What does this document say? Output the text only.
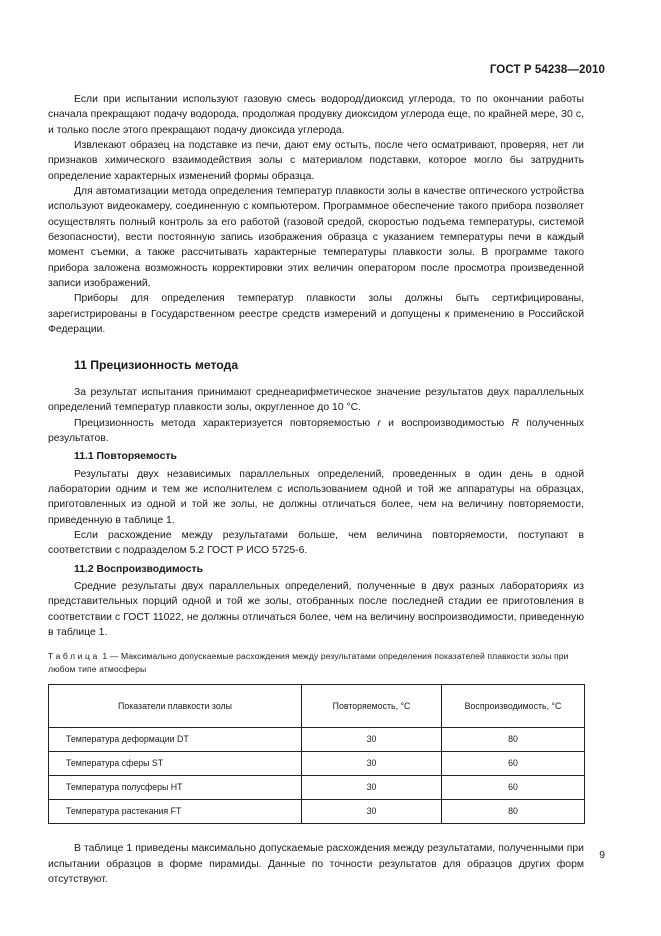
ГОСТ Р 54238—2010

Если при испытании используют газовую смесь водород/диоксид углерода, то по окончании работы сначала прекращают подачу водорода, продолжая продувку диоксидом углерода еще, по крайней мере, 30 с, и только после этого прекращают подачу диоксида углерода.

Извлекают образец на подставке из печи, дают ему остыть, после чего осматривают, проверяя, нет ли признаков химического взаимодействия золы с материалом подставки, которое могло бы затруднить определение характерных изменений формы образца.

Для автоматизации метода определения температур плавкости золы в качестве оптического устройства используют видеокамеру, соединенную с компьютером. Программное обеспечение такого прибора позволяет осуществлять полный контроль за его работой (газовой средой, скоростью подъема температуры, системой безопасности), вести постоянную запись изображения образца с указанием температуры печи в каждый момент съемки, а также рассчитывать характерные температуры плавкости золы. В программе такого прибора заложена возможность корректировки этих величин оператором после просмотра произведенной записи изображений.

Приборы для определения температур плавкости золы должны быть сертифицированы, зарегистрированы в Государственном реестре средств измерений и допущены к применению в Российской Федерации.

11 Прецизионность метода

За результат испытания принимают среднеарифметическое значение результатов двух параллельных определений температур плавкости золы, округленное до 10 °С.

Прецизионность метода характеризуется повторяемостью r и воспроизводимостью R полученных результатов.

11.1 Повторяемость

Результаты двух независимых параллельных определений, проведенных в один день в одной лаборатории одним и тем же исполнителем с использованием одной и той же аппаратуры на образцах, приготовленных из одной и той же золы, не должны отличаться более, чем на величину повторяемости, приведенную в таблице 1.

Если расхождение между результатами больше, чем величина повторяемости, поступают в соответствии с подразделом 5.2 ГОСТ Р ИСО 5725-6.

11.2 Воспроизводимость

Средние результаты двух параллельных определений, полученные в двух разных лабораториях из представительных порций одной и той же золы, отобранных после последней стадии ее приготовления в соответствии с ГОСТ 11022, не должны отличаться более, чем на величину воспроизводимости, приведенную в таблице 1.

Таблица 1 — Максимально допускаемые расхождения между результатами определения показателей плавкости золы при любом типе атмосферы
Показатели плавкости золы	Повторяемость, °С	Воспроизводимость, °С
Температура деформации DT	30	80
Температура сферы ST	30	60
Температура полусферы HT	30	60
Температура растекания FT	30	80

В таблице 1 приведены максимально допускаемые расхождения между результатами, полученными при испытании образцов в форме пирамиды. Данные по точности результатов для образцов других форм отсутствуют.

9
